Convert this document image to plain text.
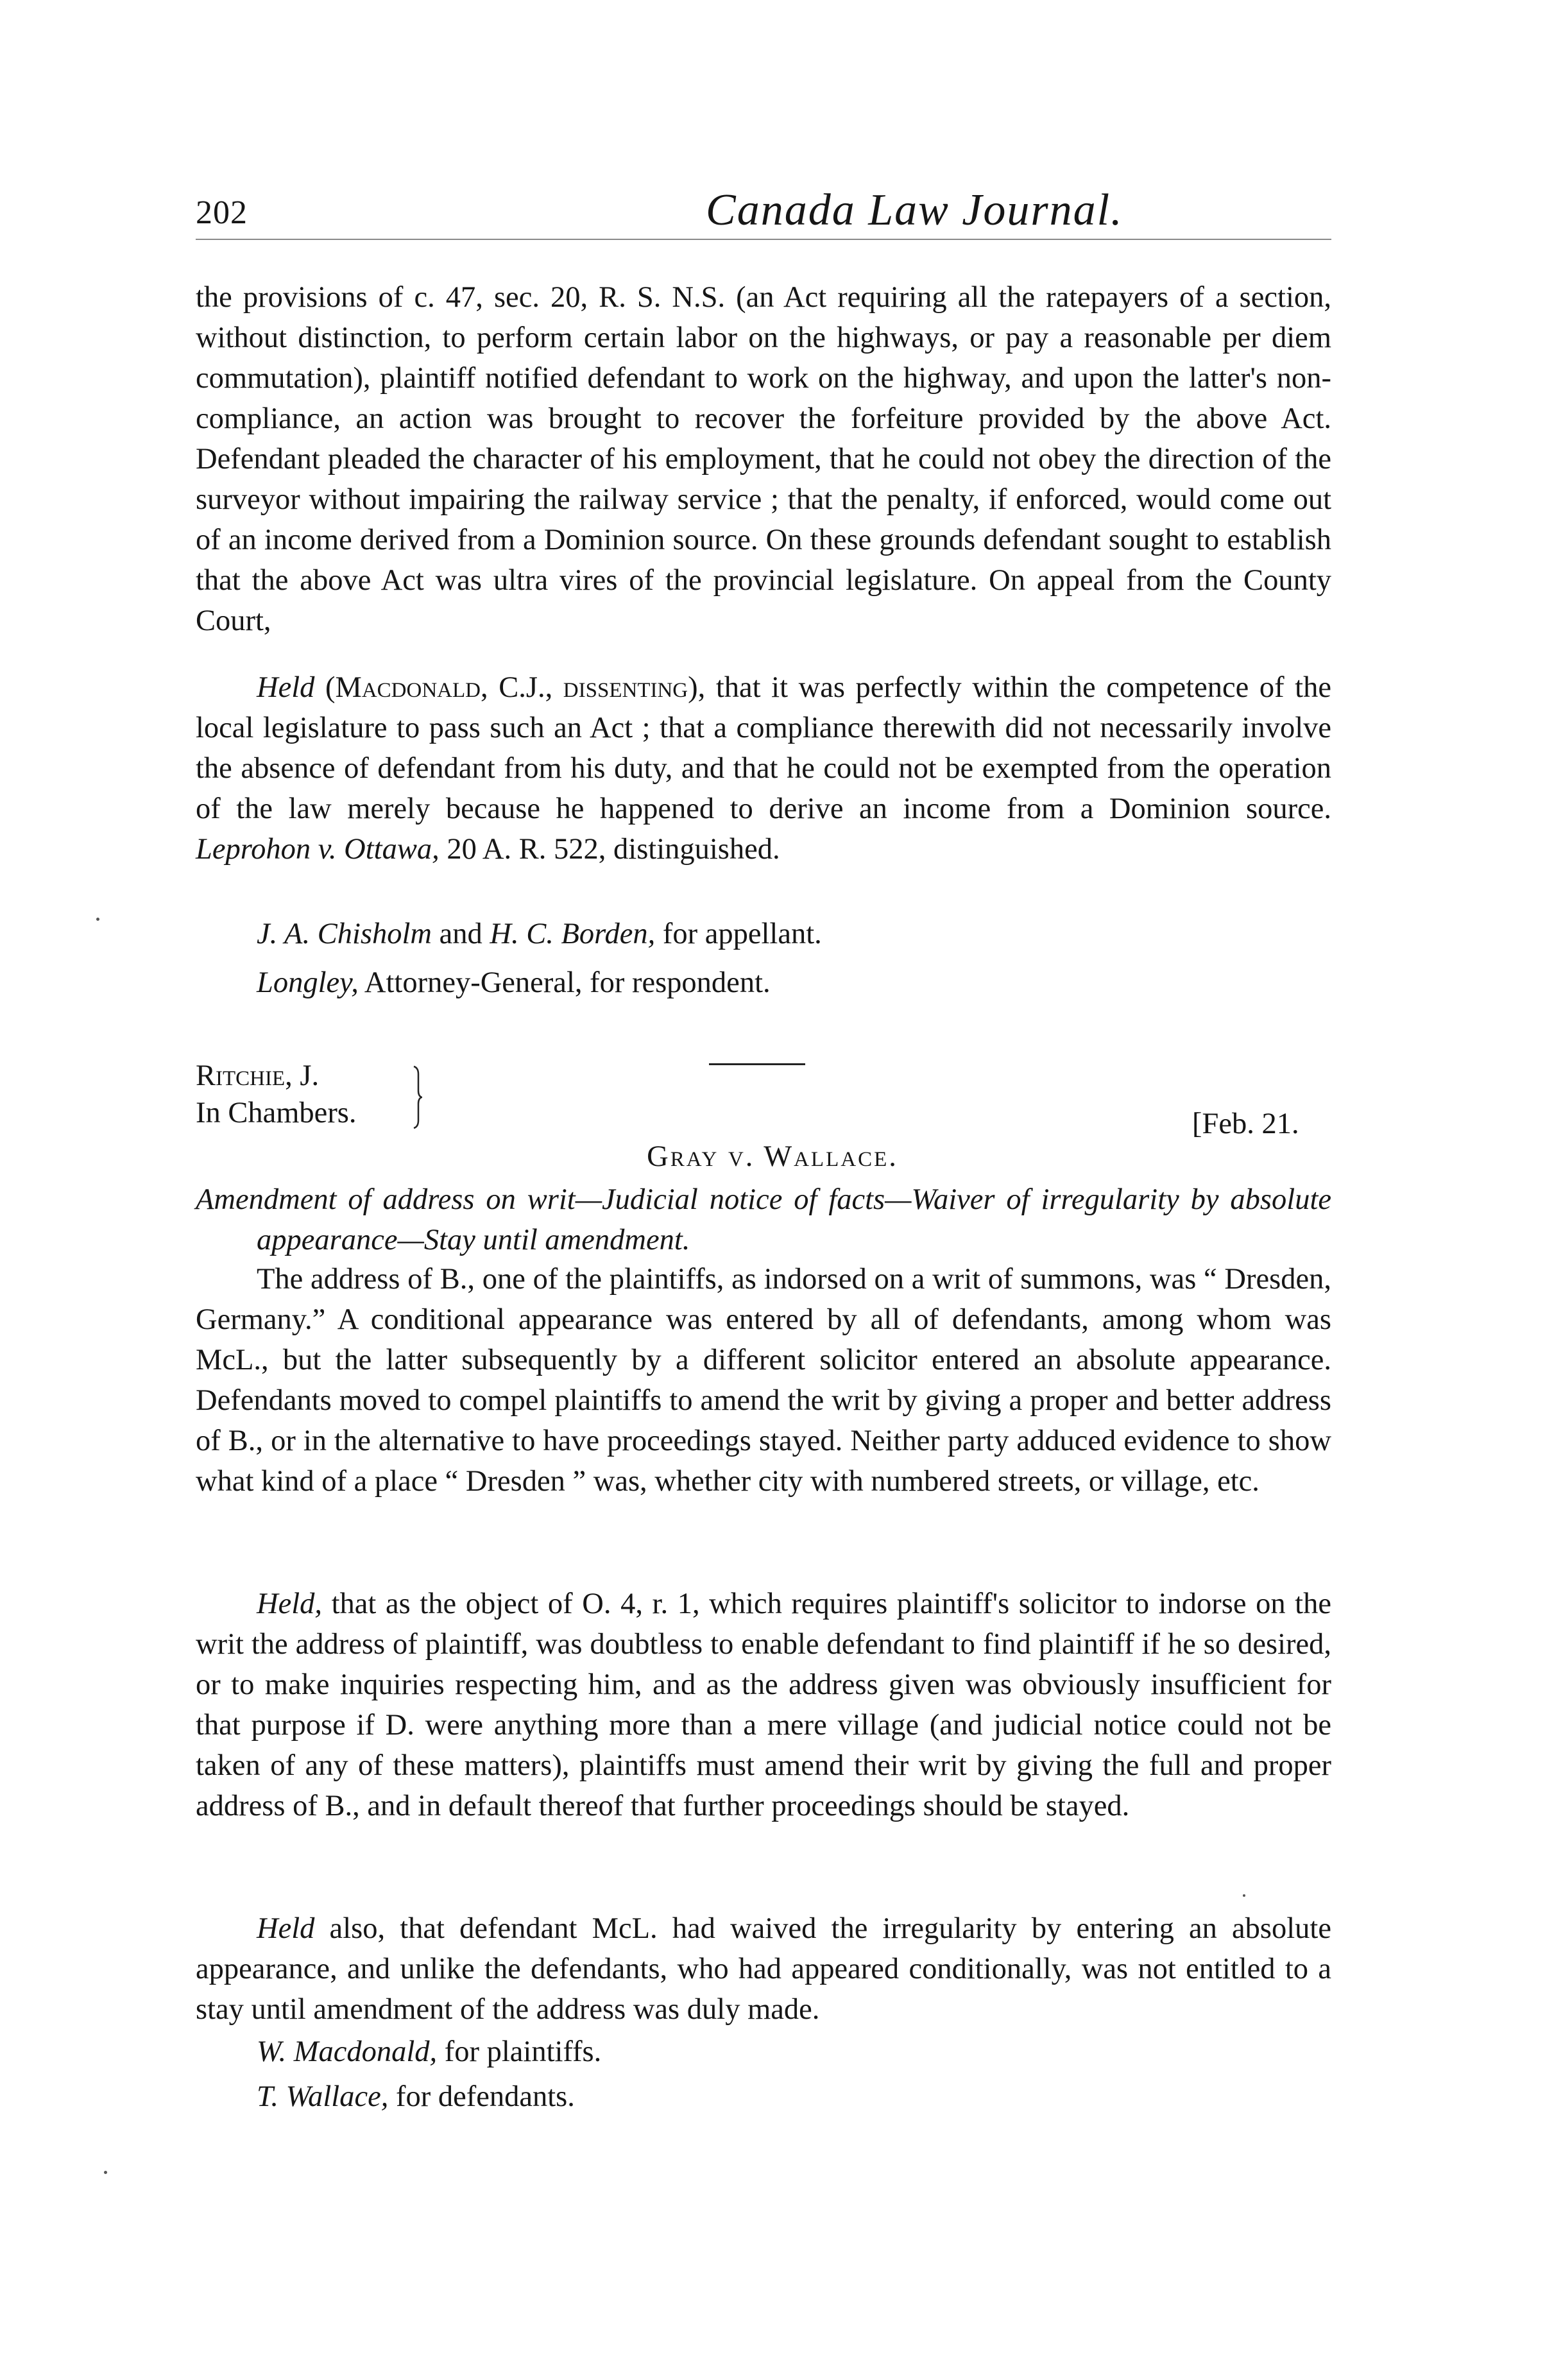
202	Canada Law Journal.

the provisions of c. 47, sec. 20, R. S. N.S. (an Act requiring all the ratepayers of a section, without distinction, to perform certain labor on the highways, or pay a reasonable per diem commutation), plaintiff notified defendant to work on the highway, and upon the latter's non-compliance, an action was brought to recover the forfeiture provided by the above Act. Defendant pleaded the character of his employment, that he could not obey the direction of the surveyor without impairing the railway service ; that the penalty, if enforced, would come out of an income derived from a Dominion source. On these grounds defendant sought to establish that the above Act was ultra vires of the provincial legislature. On appeal from the County Court,

Held (Macdonald, C.J., dissenting), that it was perfectly within the competence of the local legislature to pass such an Act ; that a compliance therewith did not necessarily involve the absence of defendant from his duty, and that he could not be exempted from the operation of the law merely because he happened to derive an income from a Dominion source. Leprohon v. Ottawa, 20 A. R. 522, distinguished.

J. A. Chisholm and H. C. Borden, for appellant.
Longley, Attorney-General, for respondent.
Ritchie, J.
In Chambers.	[Feb. 21.
Gray v. Wallace.

Amendment of address on writ—Judicial notice of facts—Waiver of irregularity by absolute appearance—Stay until amendment.

The address of B., one of the plaintiffs, as indorsed on a writ of summons, was “ Dresden, Germany.” A conditional appearance was entered by all of defendants, among whom was McL., but the latter subsequently by a different solicitor entered an absolute appearance. Defendants moved to compel plaintiffs to amend the writ by giving a proper and better address of B., or in the alternative to have proceedings stayed. Neither party adduced evidence to show what kind of a place “ Dresden ” was, whether city with numbered streets, or village, etc.

Held, that as the object of O. 4, r. 1, which requires plaintiff's solicitor to indorse on the writ the address of plaintiff, was doubtless to enable defendant to find plaintiff if he so desired, or to make inquiries respecting him, and as the address given was obviously insufficient for that purpose if D. were anything more than a mere village (and judicial notice could not be taken of any of these matters), plaintiffs must amend their writ by giving the full and proper address of B., and in default thereof that further proceedings should be stayed.

Held also, that defendant McL. had waived the irregularity by entering an absolute appearance, and unlike the defendants, who had appeared conditionally, was not entitled to a stay until amendment of the address was duly made.

W. Macdonald, for plaintiffs.
T. Wallace, for defendants.
